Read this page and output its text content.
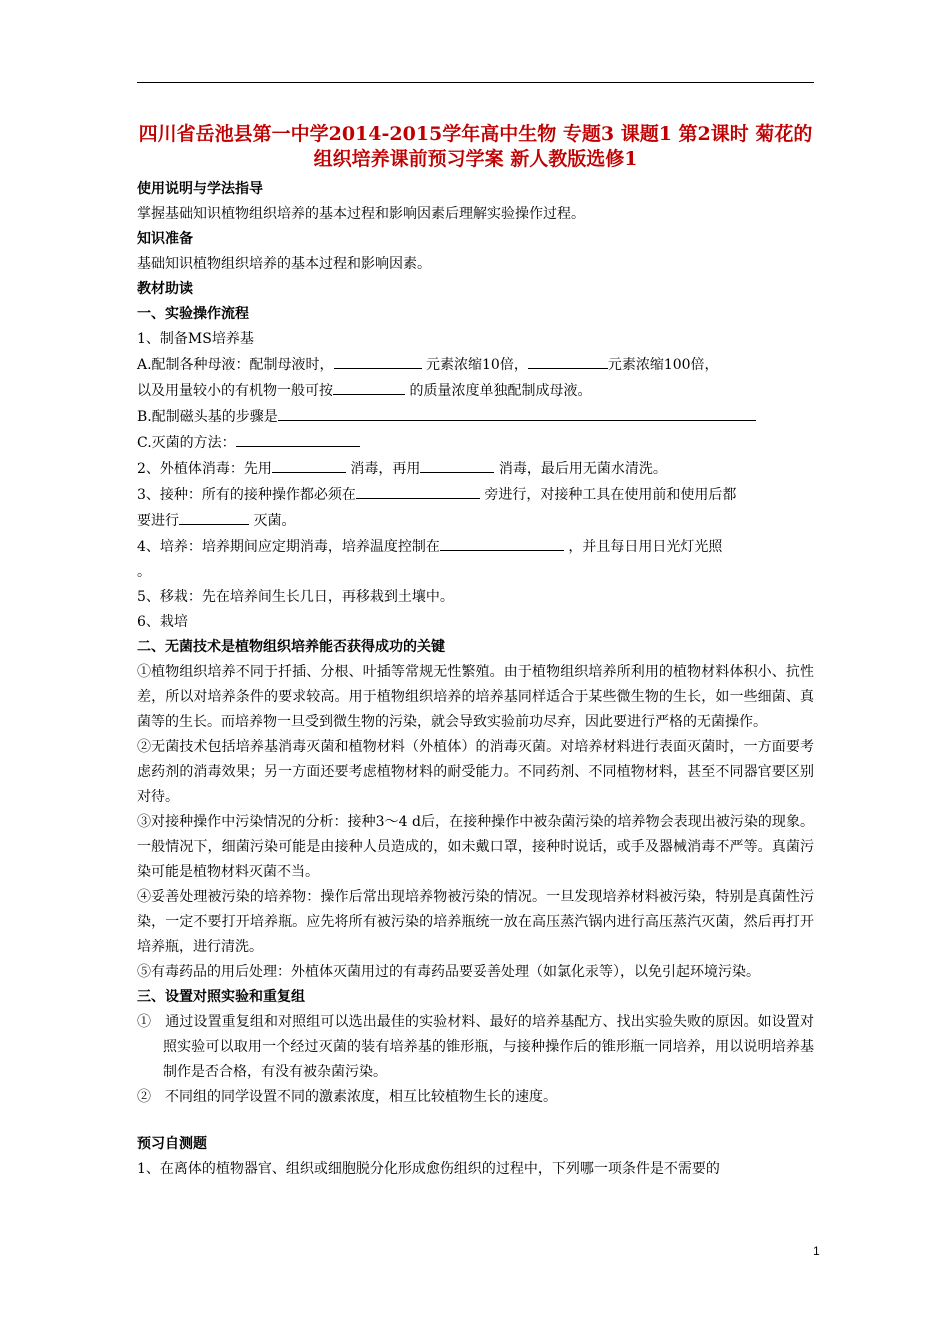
四川省岳池县第一中学2014-2015学年高中生物 专题3 课题1 第2课时 菊花的组织培养课前预习学案 新人教版选修1

使用说明与学法指导

掌握基础知识植物组织培养的基本过程和影响因素后理解实验操作过程。

知识准备

基础知识植物组织培养的基本过程和影响因素。

教材助读

一、实验操作流程

1、制备MS培养基

A.配制各种母液：配制母液时，	元素浓缩10倍，	元素浓缩100倍，

以及用量较小的有机物一般可按	的质量浓度单独配制成母液。

B.配制磁头基的步骤是

C.灭菌的方法：

2、外植体消毒：先用	消毒，再用	消毒，最后用无菌水清洗。

3、接种：所有的接种操作都必须在	旁进行，对接种工具在使用前和使用后都

要进行	灭菌。

4、培养：培养期间应定期消毒，培养温度控制在	，并且每日用日光灯光照

。

5、移栽：先在培养间生长几日，再移栽到土壤中。

6、栽培

二、无菌技术是植物组织培养能否获得成功的关键

①植物组织培养不同于扦插、分根、叶插等常规无性繁殖。由于植物组织培养所利用的植物材料体积小、抗性差，所以对培养条件的要求较高。用于植物组织培养的培养基同样适合于某些微生物的生长，如一些细菌、真菌等的生长。而培养物一旦受到微生物的污染，就会导致实验前功尽弃，因此要进行严格的无菌操作。

②无菌技术包括培养基消毒灭菌和植物材料（外植体）的消毒灭菌。对培养材料进行表面灭菌时，一方面要考虑药剂的消毒效果；另一方面还要考虑植物材料的耐受能力。不同药剂、不同植物材料，甚至不同器官要区别对待。

③对接种操作中污染情况的分析：接种3～4 d后，在接种操作中被杂菌污染的培养物会表现出被污染的现象。一般情况下，细菌污染可能是由接种人员造成的，如未戴口罩，接种时说话，或手及器械消毒不严等。真菌污染可能是植物材料灭菌不当。

④妥善处理被污染的培养物：操作后常出现培养物被污染的情况。一旦发现培养材料被污染，特别是真菌性污染，一定不要打开培养瓶。应先将所有被污染的培养瓶统一放在高压蒸汽锅内进行高压蒸汽灭菌，然后再打开培养瓶，进行清洗。

⑤有毒药品的用后处理：外植体灭菌用过的有毒药品要妥善处理（如氯化汞等），以免引起环境污染。

三、设置对照实验和重复组

①　通过设置重复组和对照组可以选出最佳的实验材料、最好的培养基配方、找出实验失败的原因。如设置对照实验可以取用一个经过灭菌的装有培养基的锥形瓶，与接种操作后的锥形瓶一同培养，用以说明培养基制作是否合格，有没有被杂菌污染。

②　不同组的同学设置不同的激素浓度，相互比较植物生长的速度。

预习自测题

1、在离体的植物器官、组织或细胞脱分化形成愈伤组织的过程中，下列哪一项条件是不需要的

1
